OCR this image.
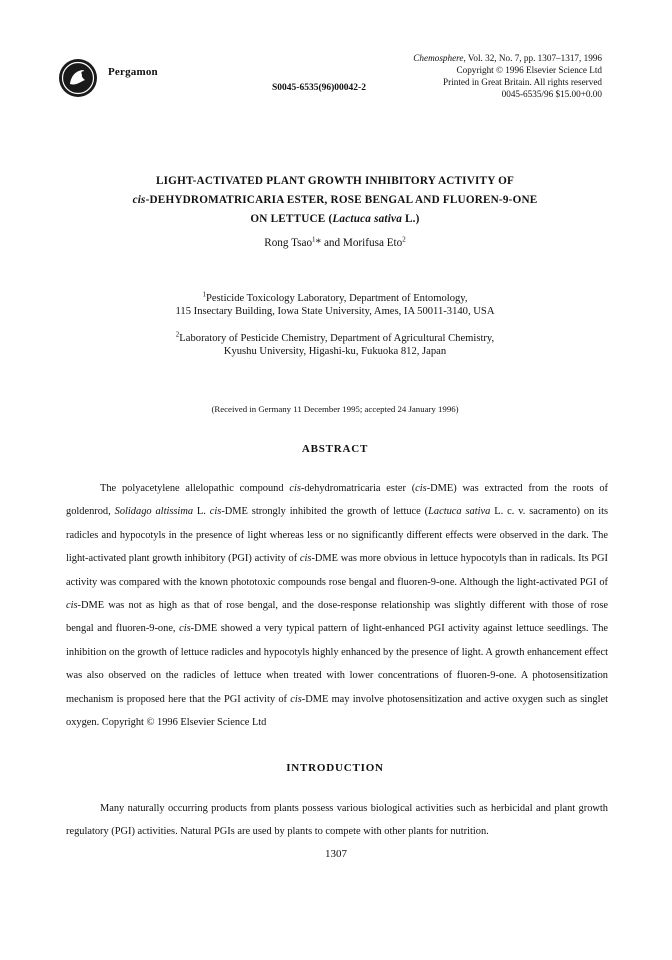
Pergamon
S0045-6535(96)00042-2
Chemosphere, Vol. 32, No. 7, pp. 1307–1317, 1996
Copyright © 1996 Elsevier Science Ltd
Printed in Great Britain. All rights reserved
0045-6535/96 $15.00+0.00
LIGHT-ACTIVATED PLANT GROWTH INHIBITORY ACTIVITY OF
cis-DEHYDROMATRICARIA ESTER, ROSE BENGAL AND FLUOREN-9-ONE
ON LETTUCE (Lactuca sativa L.)
Rong Tsao$^1$* and Morifusa Eto$^2$
$^1$Pesticide Toxicology Laboratory, Department of Entomology,
115 Insectary Building, Iowa State University, Ames, IA 50011-3140, USA
$^2$Laboratory of Pesticide Chemistry, Department of Agricultural Chemistry,
Kyushu University, Higashi-ku, Fukuoka 812, Japan
(Received in Germany 11 December 1995; accepted 24 January 1996)
ABSTRACT
The polyacetylene allelopathic compound cis-dehydromatricaria ester (cis-DME) was extracted from the roots of goldenrod, Solidago altissima L. cis-DME strongly inhibited the growth of lettuce (Lactuca sativa L. c. v. sacramento) on its radicles and hypocotyls in the presence of light whereas less or no significantly different effects were observed in the dark. The light-activated plant growth inhibitory (PGI) activity of cis-DME was more obvious in lettuce hypocotyls than in radicals. Its PGI activity was compared with the known phototoxic compounds rose bengal and fluoren-9-one. Although the light-activated PGI of cis-DME was not as high as that of rose bengal, and the dose-response relationship was slightly different with those of rose bengal and fluoren-9-one, cis-DME showed a very typical pattern of light-enhanced PGI activity against lettuce seedlings. The inhibition on the growth of lettuce radicles and hypocotyls highly enhanced by the presence of light. A growth enhancement effect was also observed on the radicles of lettuce when treated with lower concentrations of fluoren-9-one. A photosensitization mechanism is proposed here that the PGI activity of cis-DME may involve photosensitization and active oxygen such as singlet oxygen. Copyright © 1996 Elsevier Science Ltd
INTRODUCTION
Many naturally occurring products from plants possess various biological activities such as herbicidal and plant growth regulatory (PGI) activities. Natural PGIs are used by plants to compete with other plants for nutrition.
1307
